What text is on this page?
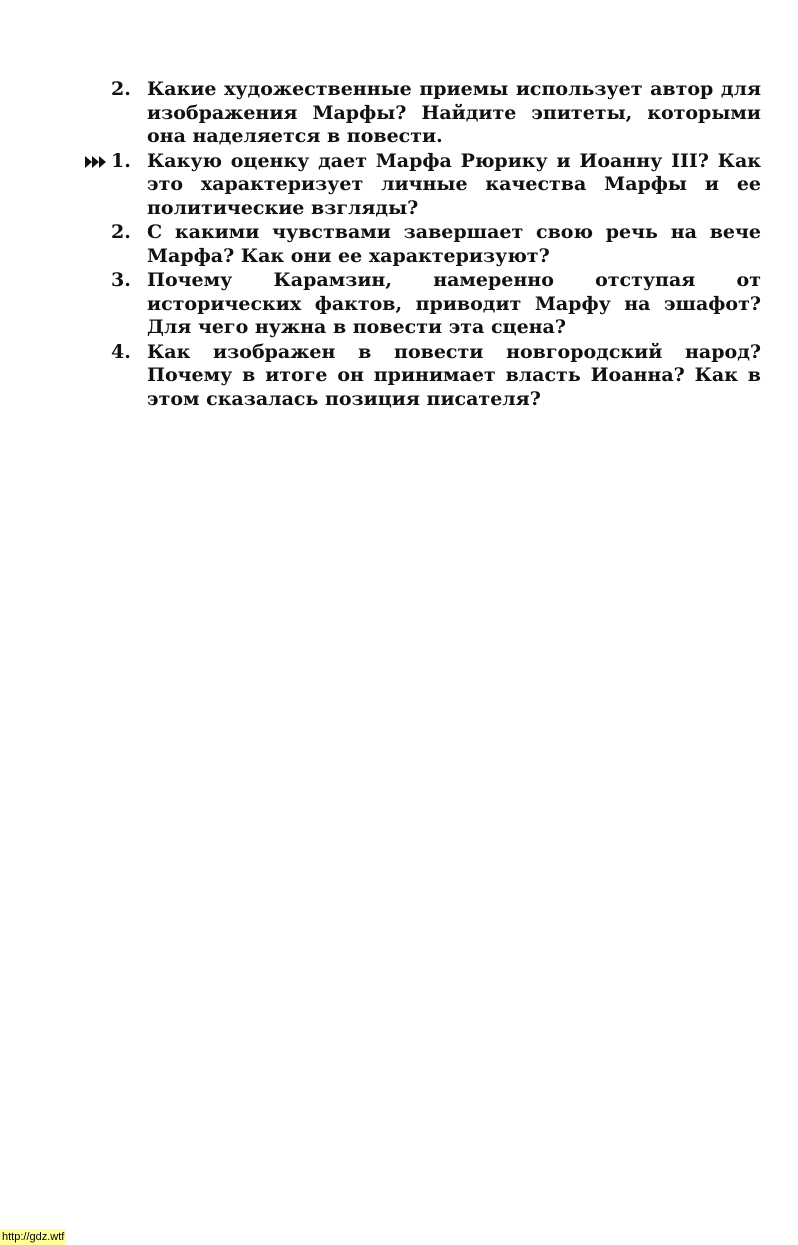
2. Какие художественные приемы использует автор для изображения Марфы? Найдите эпитеты, которыми она наделяется в повести.
1. Какую оценку дает Марфа Рюрику и Иоанну III? Как это характеризует личные качества Марфы и ее политические взгляды?
2. С какими чувствами завершает свою речь на вече Марфа? Как они ее характеризуют?
3. Почему Карамзин, намеренно отступая от исторических фактов, приводит Марфу на эшафот? Для чего нужна в повести эта сцена?
4. Как изображен в повести новгородский народ? Почему в итоге он принимает власть Иоанна? Как в этом сказалась позиция писателя?
http://gdz.wtf
